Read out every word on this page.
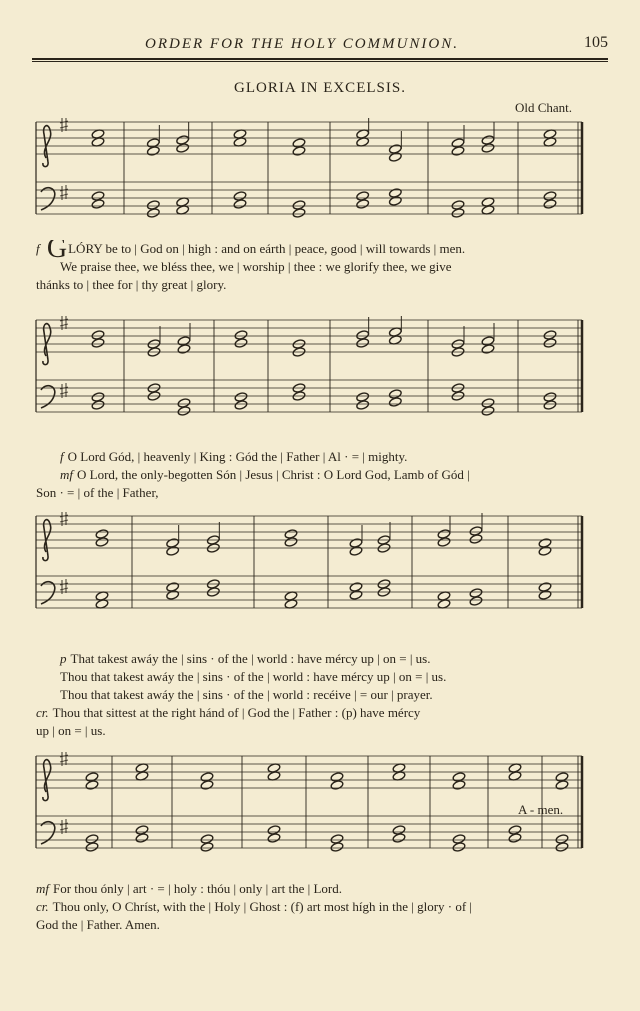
ORDER FOR THE HOLY COMMUNION.	105
GLORIA IN EXCELSIS.
Old Chant.
f GLÓRY be to | God on | high : and on eárth | peace, good | will towards | men.
We praise thee, we bléss thee, we | worship | thee : we glorify thee, we give
thánks to | thee for | thy great | glory.
f O Lord Gód, | heavenly | King : Gód the | Father | Al · = | mighty.
mf O Lord, the only-begotten Són | Jesus | Christ : O Lord God, Lamb of Gód |
Son · = | of the | Father,
p That takest awáy the | sins · of the | world : have mércy up | on = | us.
Thou that takest awáy the | sins · of the | world : have mércy up | on = | us.
Thou that takest awáy the | sins · of the | world : recéive | = our | prayer.
cr. Thou that sittest at the right hánd of | God the | Father : (p) have mércy
up | on = | us.
A - men.
mf For thou ónly | art · = | holy : thóu | only | art the | Lord.
cr. Thou only, O Chríst, with the | Holy | Ghost : (f) art most hígh in the | glory · of |
God the | Father. Amen.
